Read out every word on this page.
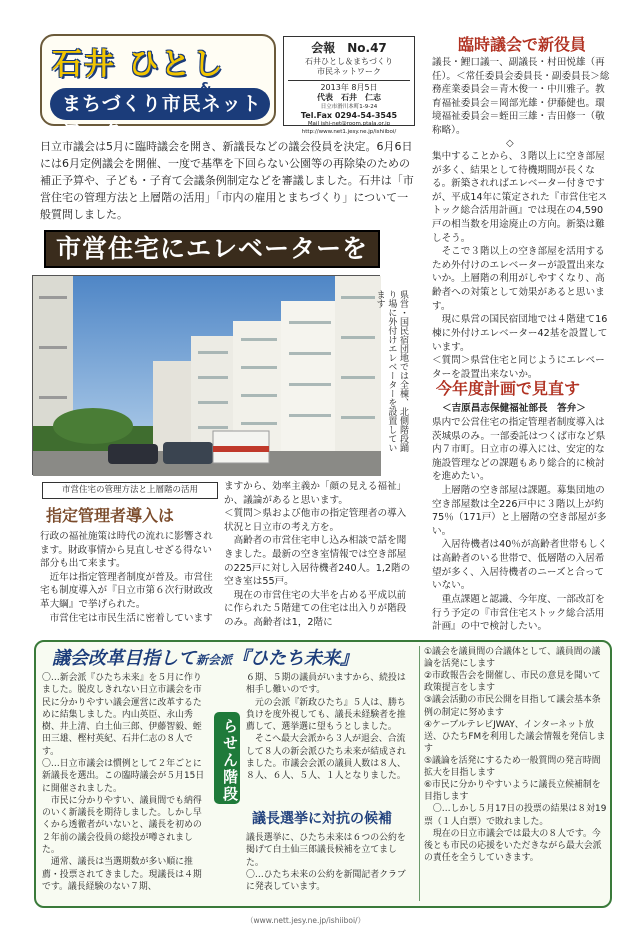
石井 ひとし
まちづくり市民ネットワーク
会報　No.47
石井ひとし＆まちづくり
市民ネットワーク
2013年 8月5日
代表　石井　仁志
日立市滑川本町1-9-24
Tel.Fax 0294-54-3545
Mail ishi-net@room.ptala.or.jp
http://www.net1.jesy.ne.jp/ishiiboi/
日立市議会は5月に臨時議会を開き、新議長などの議会役員を決定。6月6日には6月定例議会を開催、一度で基準を下回らない公園等の再除染のための補正予算や、子ども・子育て会議条例制定などを審議しました。石井は「市営住宅の管理方法と上層階の活用」「市内の雇用とまちづくり」について一般質問しました。
市営住宅にエレベーターを
県営・国民宿団地では全棟、北側階段踊り場に外付けエレベーターを設置しています
市営住宅の管理方法と上層階の活用
指定管理者導入は
行政の福祉施策は時代の流れに影響されます。財政事情から見直しせざる得ない部分も出て来ます。
　近年は指定管理者制度が普及。市営住宅も制度導入が『日立市第６次行財政改革大綱』で挙げられた。
　市営住宅は市民生活に密着しています
ますから、効率主義か「顔の見える福祉」か、議論があると思います。
＜質問＞県および他市の指定管理者の導入状況と日立市の考え方を。
　高齢者の市営住宅申し込み相談で話を聞きました。最新の空き室情報では空き部屋の225戸に対し入居待機者240人。1,2階の空き室は55戸。
　現在の市営住宅の大半を占める平成以前に作られた５階建ての住宅は出入りが階段のみ。高齢者は1，2階に
臨時議会で新役員
議長・鯉口議一、副議長・村田悦雄（再任）。＜常任委員会委員長・副委員長＞総務産業委員会＝青木俊一・中川雅子。教育福祉委員会＝岡部光雄・伊藤健也。環境福祉委員会＝蛭田三雄・吉田修一（敬称略）。
◇
集中することから、３階以上に空き部屋が多く、結果として待機期間が長くなる。新築されればエレベーター付きですが、平成14年に策定された『市営住宅ストック総合活用計画』では現在の4,590戸の相当数を用途廃止の方向。新築は難しそう。
　そこで３階以上の空き部屋を活用するため外付けのエレベーターが設置出来ないか。上層階の利用がしやすくなり、高齢者への対策として効果があると思います。
　現に県営の国民宿団地では４階建て16棟に外付けエレベーター42基を設置しています。
＜質問＞県営住宅と同じようにエレベーターを設置出来ないか。
今年度計画で見直す
＜吉原昌志保健福祉部長　答弁＞
県内で公営住宅の指定管理者制度導入は茨城県のみ。一部委託はつくば市など県内７市町。日立市の導入には、安定的な施設管理などの課題もあり総合的に検討を進めたい。
　上層階の空き部屋は課題。募集団地の空き部屋数は全226戸中に３階以上が約75％（171戸）と上層階の空き部屋が多い。
　入居待機者は40％が高齢者世帯もしくは高齢者のいる世帯で、低層階の入居希望が多く、入居待機者のニーズと合っていない。
　重点課題と認識、今年度、一部改訂を行う予定の『市営住宅ストック総合活用計画』の中で検討したい。
議会改革目指して新会派『ひたち未来』
〇…新会派『ひたち未来』を５月に作りました。脱皮しきれない日立市議会を市民に分かりやすい議会運営に改革するために結集しました。内山英臣、永山秀樹、井上清、白土仙三郎、伊藤智毅、蛭田三雄、樫村英紀、石井仁志の８人です。
〇…日立市議会は慣例として２年ごとに新議長を選出。この臨時議会が５月15日に開催されました。
　市民に分かりやすい、議員間でも納得のいく新議長を期待しました。しかし早くから透徹者がいないと、議長を初めの２年前の議会役員の総投が噂されました。
　通常、議長は当選期数が多い順に推薦・投票されてきました。現議長は４期です。議長経験のない７期、
６期、５期の議員がいますから、続投は相手し難いのです。
　元の会派『新政ひたち』５人は、勝ち負けを度外視しても、議長未経験者を推薦して、選挙選に望もうとしました。
　そこへ最大会派から３人が退会、合流して８人の新会派ひたち未来が結成されました。市議会会派の議員人数は８人、８人、６人、５人、１人となりました。
らせん階段
議長選挙に対抗の候補
議長選挙に、ひたち未来は６つの公約を掲げて白土仙三郎議長候補を立てました。
〇…ひたち未来の公約を新聞記者クラブに発表しています。
①議会を議員間の合議体として、議員間の議論を活発にします
②市政報告会を開催し、市民の意見を聞いて政策提言をします
③議会活動の市民公開を目指して議会基本条例の制定に努めます
④ケーブルテレビJWAY、インターネット放送、ひたちFMを利用した議会情報を発信します
⑤議論を活発にするため一般質問の発言時間拡大を目指します
⑥市民に分かりやすいように議長立候補制を目指します
　〇…しかし５月17日の投票の結果は８対19票（１人白票）で敗れました。
　現在の日立市議会では最大の８人です。今後とも市民の応援をいただきながら最大会派の責任を全うしていきます。
（www.nett.jesy.ne.jp/ishiiboi/）
